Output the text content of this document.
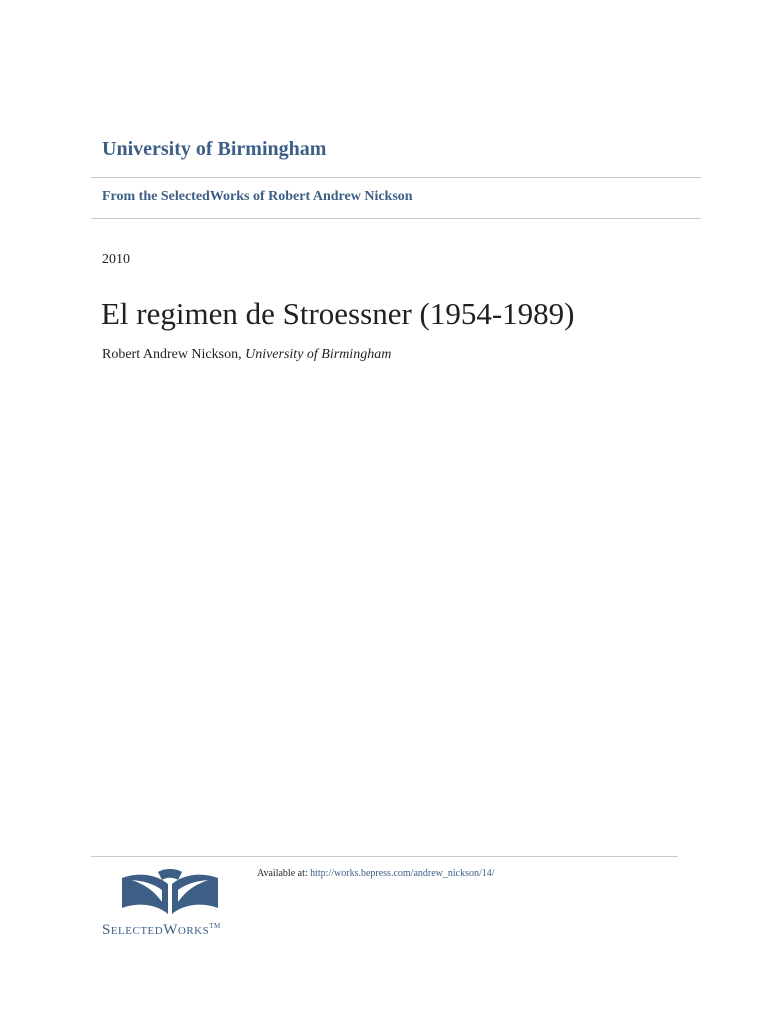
University of Birmingham
From the SelectedWorks of Robert Andrew Nickson
2010
El regimen de Stroessner (1954-1989)
Robert Andrew Nickson, University of Birmingham
SelectedWorks™
Available at: http://works.bepress.com/andrew_nickson/14/
